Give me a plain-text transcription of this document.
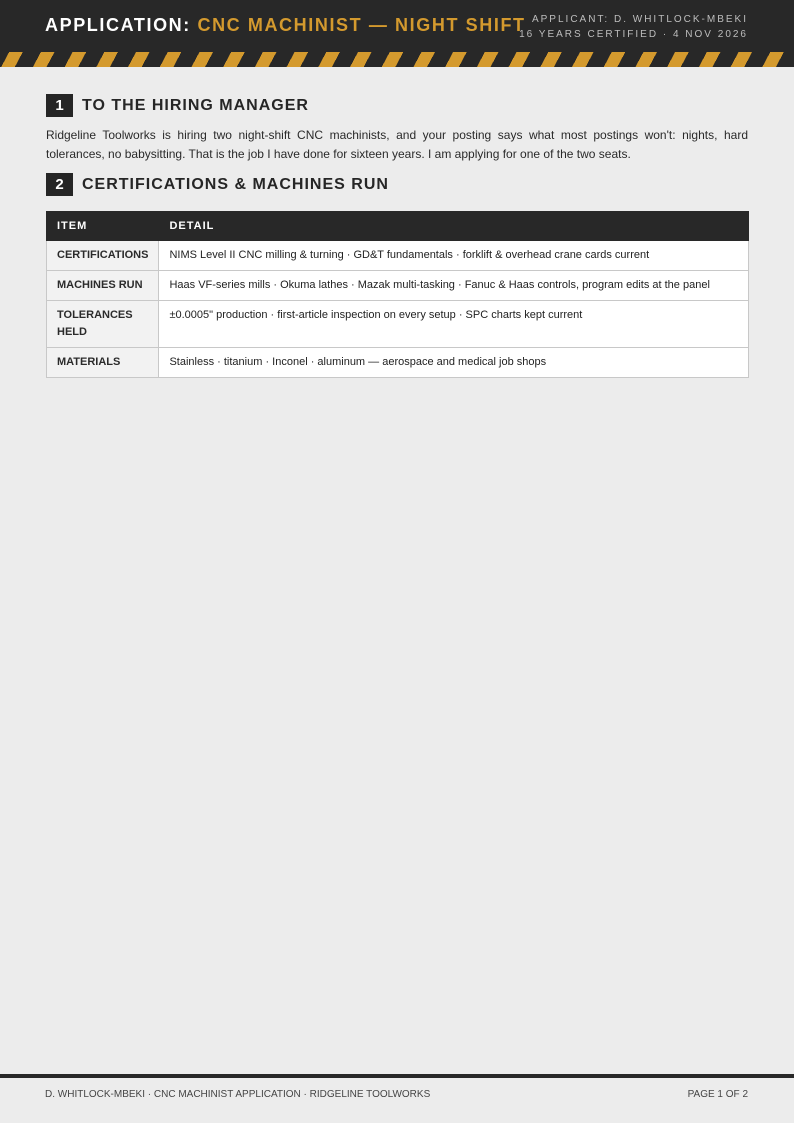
APPLICATION: CNC MACHINIST — NIGHT SHIFT APPLICANT: D. WHITLOCK-MBEKI
16 YEARS CERTIFIED · 4 NOV 2026
1	TO THE HIRING MANAGER

Ridgeline Toolworks is hiring two night-shift CNC machinists, and your posting says what most postings won't: nights, hard tolerances, no babysitting. That is the job I have done for sixteen years. I am applying for one of the two seats.

2	CERTIFICATIONS & MACHINES RUN
ITEM	DETAIL
CERTIFICATIONS	NIMS Level II CNC milling & turning · GD&T fundamentals · forklift & overhead crane cards current
MACHINES RUN	Haas VF-series mills · Okuma lathes · Mazak multi-tasking · Fanuc & Haas controls, program edits at the panel
TOLERANCES HELD	±0.0005" production · first-article inspection on every setup · SPC charts kept current
MATERIALS	Stainless · titanium · Inconel · aluminum — aerospace and medical job shops
D. WHITLOCK-MBEKI · CNC MACHINIST APPLICATION · RIDGELINE TOOLWORKS	PAGE 1 OF 2
